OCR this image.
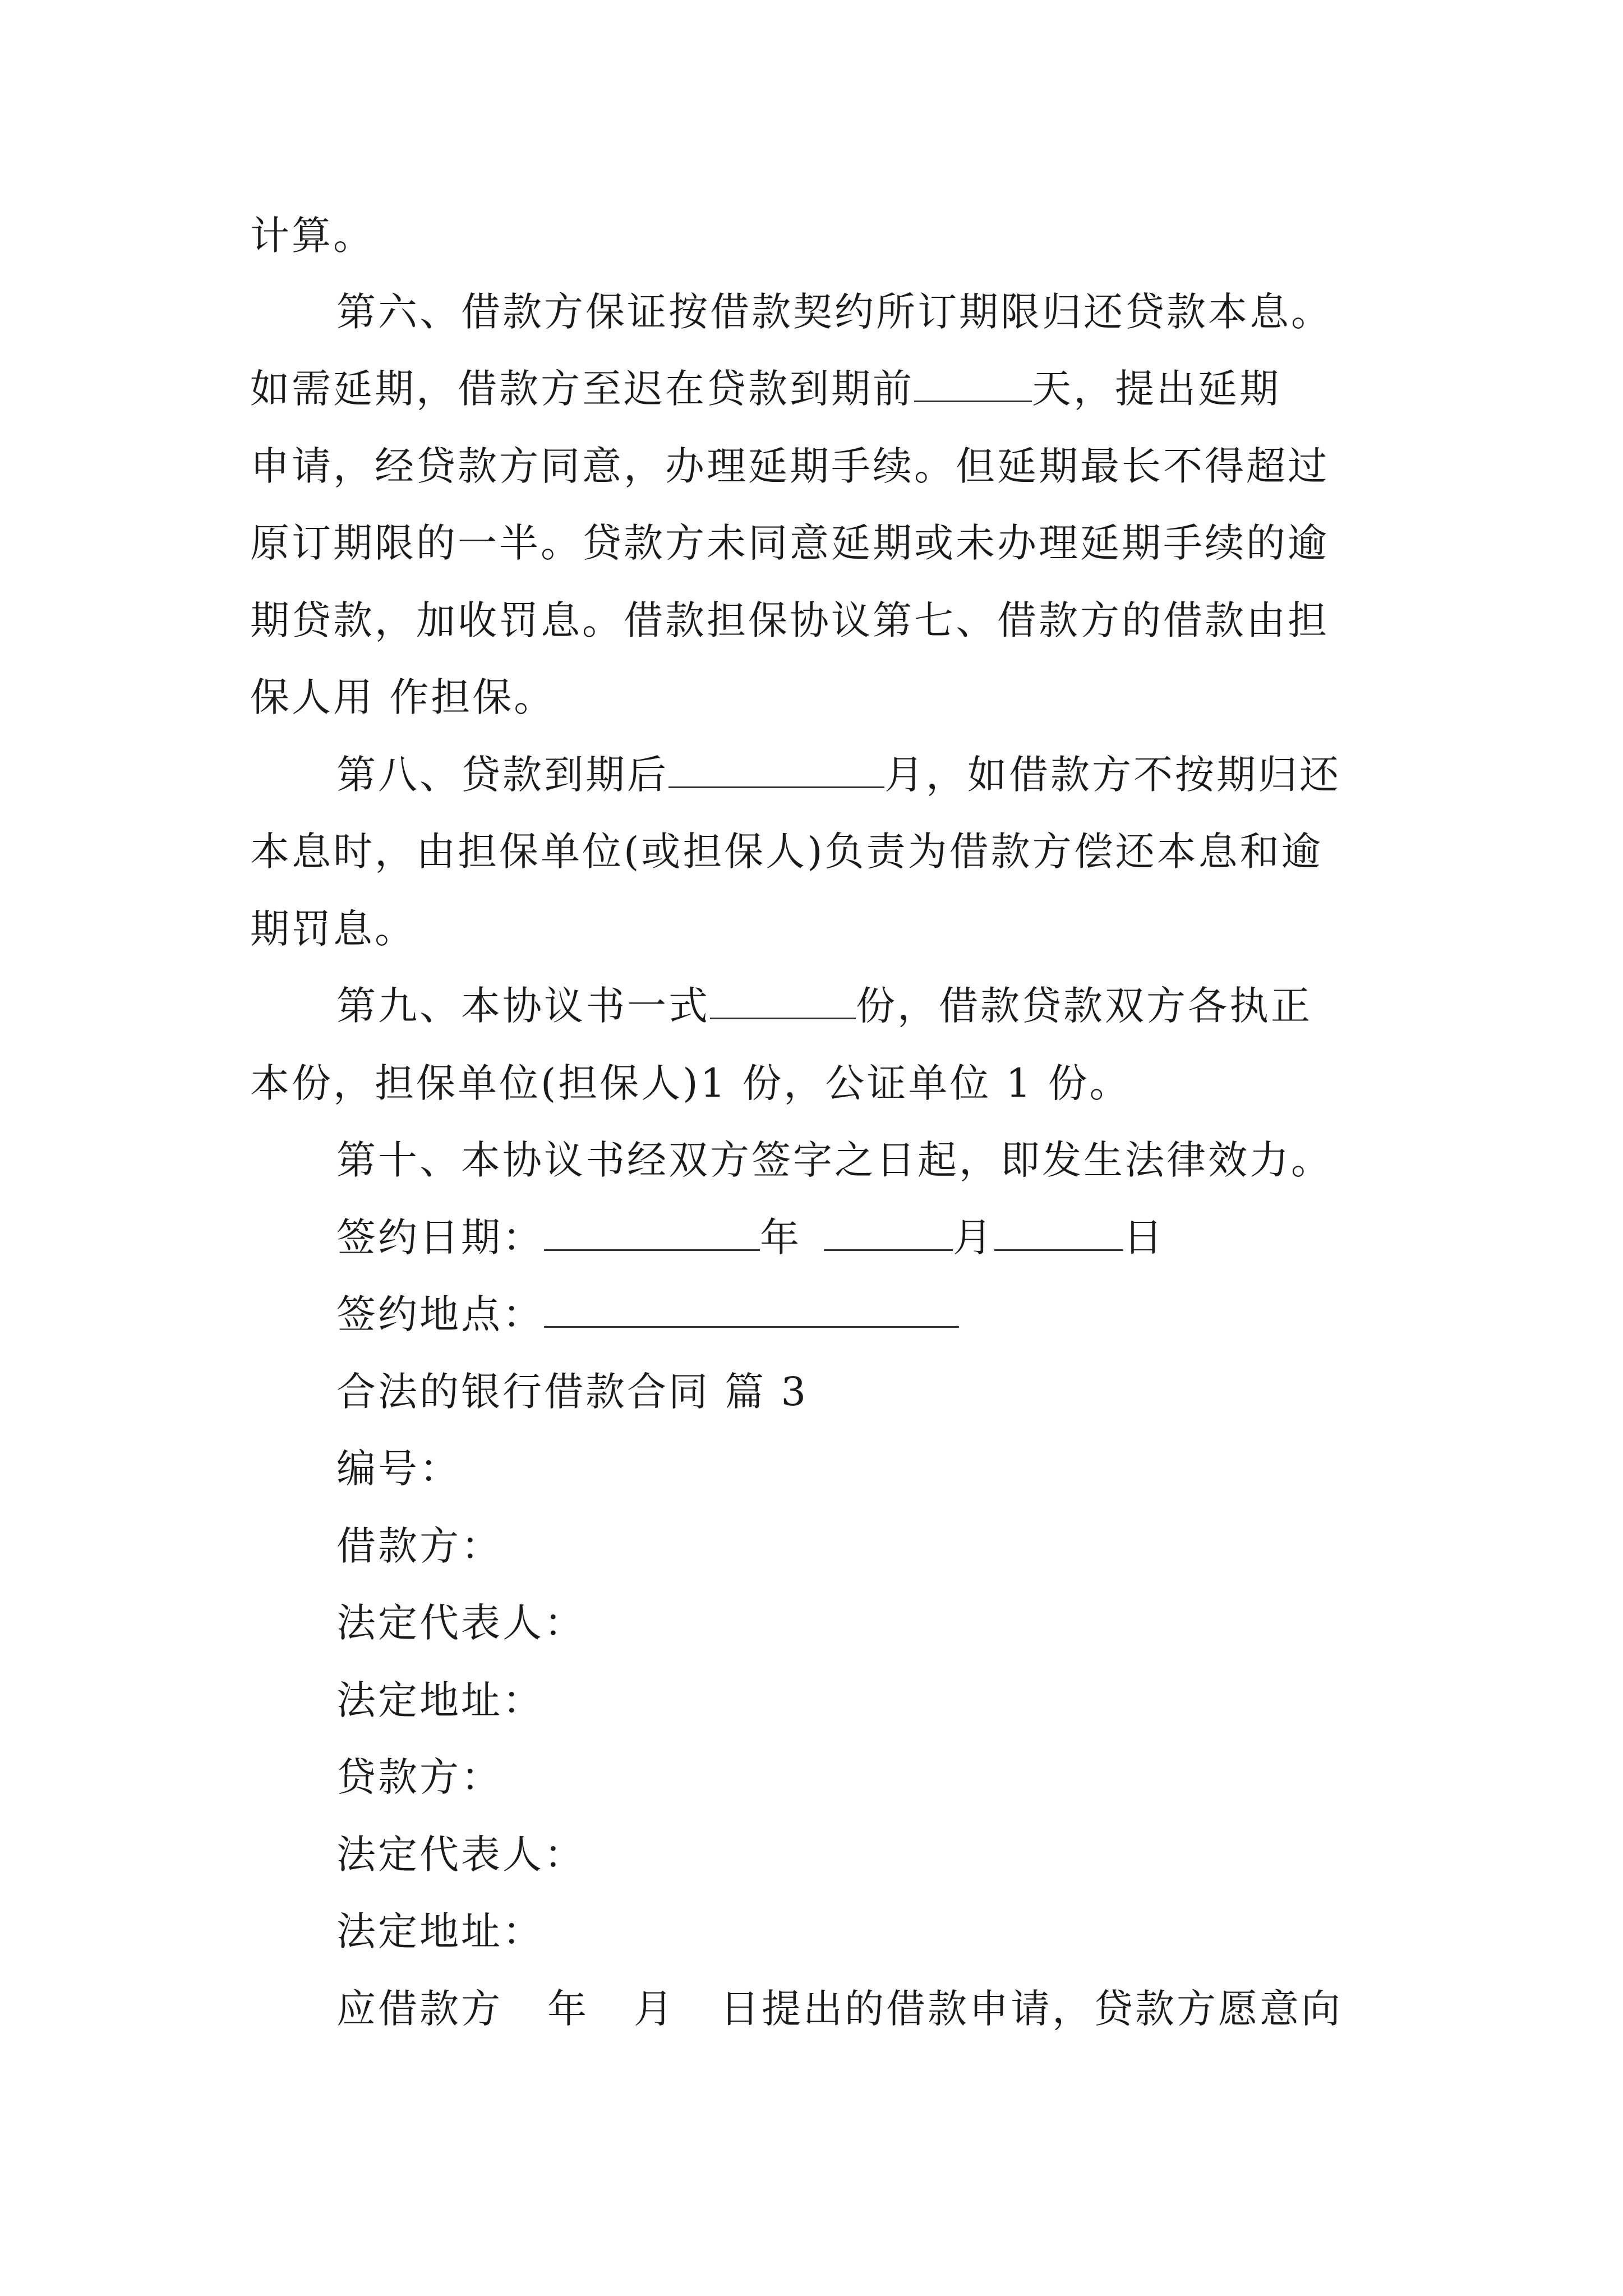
计算。
第六、借款方保证按借款契约所订期限归还贷款本息。
如需延期，借款方至迟在贷款到期前	天，提出延期
申请，经贷款方同意，办理延期手续。但延期最长不得超过
原订期限的一半。贷款方未同意延期或未办理延期手续的逾
期贷款，加收罚息。借款担保协议第七、借款方的借款由担
保人用 作担保。
第八、贷款到期后	月，如借款方不按期归还
本息时，由担保单位(或担保人)负责为借款方偿还本息和逾
期罚息。
第九、本协议书一式	份，借款贷款双方各执正
本份，担保单位(担保人)1 份，公证单位 1 份。
第十、本协议书经双方签字之日起，即发生法律效力。
签约日期：	年	月	日
签约地点：
合法的银行借款合同 篇 3
编号：
借款方：
法定代表人：
法定地址：
贷款方：
法定代表人：
法定地址：
应借款方 年 月 日提出的借款申请，贷款方愿意向
